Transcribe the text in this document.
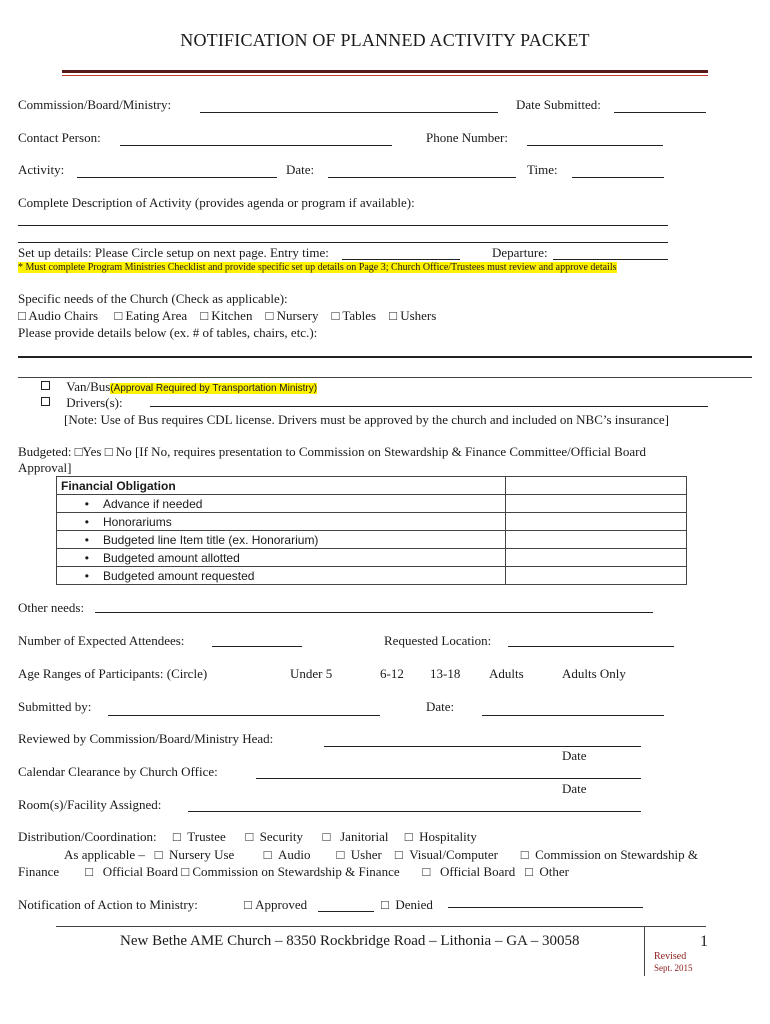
NOTIFICATION OF PLANNED ACTIVITY PACKET
Commission/Board/Ministry:	Date Submitted:
Contact Person:	Phone Number:
Activity:	Date:	Time:
Complete Description of Activity (provides agenda or program if available):
Set up details: Please Circle setup on next page. Entry time:	Departure:
* Must complete Program Ministries Checklist and provide specific set up details on Page 3; Church Office/Trustees must review and approve details
Specific needs of the Church (Check as applicable):
□ Audio Chairs □ Eating Area □ Kitchen □ Nursery □ Tables □ Ushers
Please provide details below (ex. # of tables, chairs, etc.):
Van/Bus(Approval Required by Transportation Ministry)
Drivers(s):
[Note: Use of Bus requires CDL license. Drivers must be approved by the church and included on NBC’s insurance]
Budgeted: □Yes □ No [If No, requires presentation to Commission on Stewardship & Finance Committee/Official Board
Approval]
Financial Obligation	
• Advance if needed	
• Honorariums	
• Budgeted line Item title (ex. Honorarium)	
• Budgeted amount allotted	
• Budgeted amount requested	
Other needs:
Number of Expected Attendees:	Requested Location:
Age Ranges of Participants: (Circle)	Under 5	6-12 13-18 Adults	Adults Only
Submitted by:	Date:
Reviewed by Commission/Board/Ministry Head:
Date
Calendar Clearance by Church Office:
Date
Room(s)/Facility Assigned:
Distribution/Coordination: □  Trustee □  Security □   Janitorial □  Hospitality
As applicable – □  Nursery Use □  Audio □  Usher □  Visual/Computer □  Commission on Stewardship &
Finance □   Official Board □ Commission on Stewardship & Finance □   Official Board □  Other
Notification of Action to Ministry:	□ Approved	□  Denied
New Bethe AME Church – 8350 Rockbridge Road – Lithonia – GA – 30058	1
Revised
Sept. 2015
